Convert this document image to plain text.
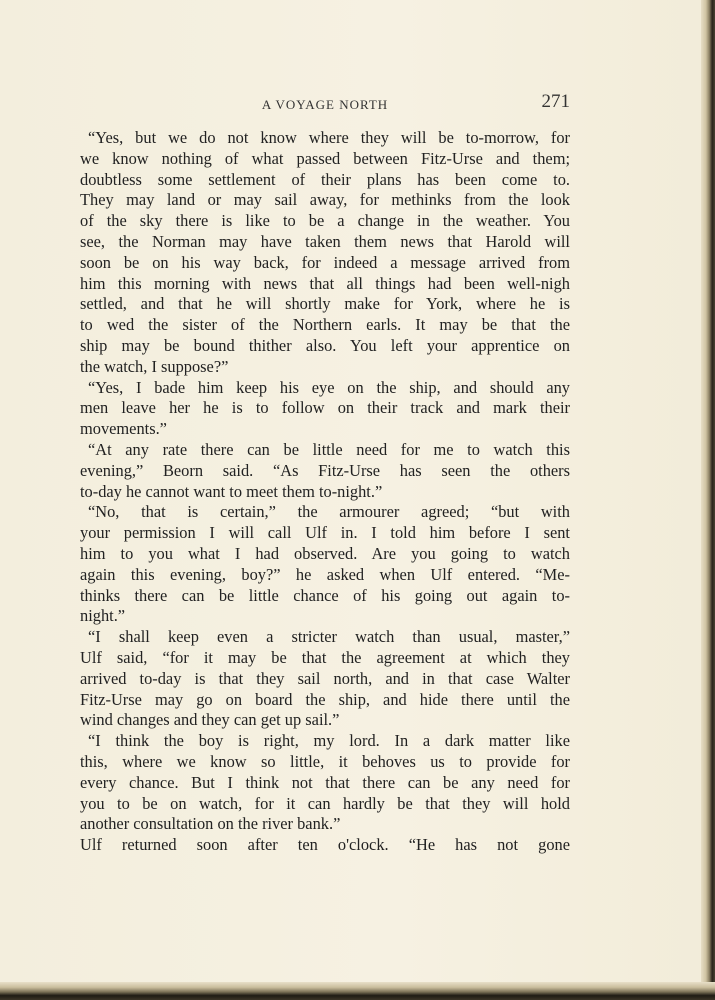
A VOYAGE NORTH	271
“Yes, but we do not know where they will be to-morrow, for
we know nothing of what passed between Fitz-Urse and them;
doubtless some settlement of their plans has been come to.
They may land or may sail away, for methinks from the look
of the sky there is like to be a change in the weather. You
see, the Norman may have taken them news that Harold will
soon be on his way back, for indeed a message arrived from
him this morning with news that all things had been well-nigh
settled, and that he will shortly make for York, where he is
to wed the sister of the Northern earls. It may be that the
ship may be bound thither also. You left your apprentice on
the watch, I suppose?”
“Yes, I bade him keep his eye on the ship, and should any
men leave her he is to follow on their track and mark their
movements.”
“At any rate there can be little need for me to watch this
evening,” Beorn said. “As Fitz-Urse has seen the others
to-day he cannot want to meet them to-night.”
“No, that is certain,” the armourer agreed; “but with
your permission I will call Ulf in. I told him before I sent
him to you what I had observed. Are you going to watch
again this evening, boy?” he asked when Ulf entered. “Me-
thinks there can be little chance of his going out again to-
night.”
“I shall keep even a stricter watch than usual, master,”
Ulf said, “for it may be that the agreement at which they
arrived to-day is that they sail north, and in that case Walter
Fitz-Urse may go on board the ship, and hide there until the
wind changes and they can get up sail.”
“I think the boy is right, my lord. In a dark matter like
this, where we know so little, it behoves us to provide for
every chance. But I think not that there can be any need for
you to be on watch, for it can hardly be that they will hold
another consultation on the river bank.”
Ulf returned soon after ten o'clock. “He has not gone
